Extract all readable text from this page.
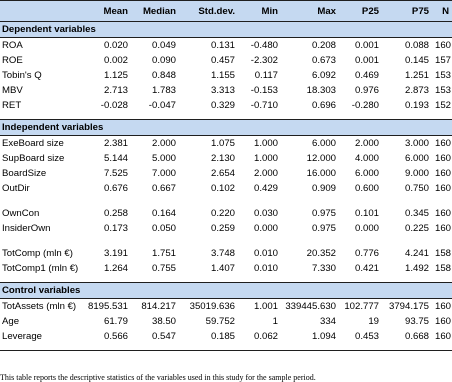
	Mean	Median	Std.dev.	Min	Max	P25	P75	N
Dependent variables								
ROA	0.020	0.049	0.131	-0.480	0.208	0.001	0.088	160
ROE	0.002	0.090	0.457	-2.302	0.673	0.001	0.145	157
Tobin's Q	1.125	0.848	1.155	0.117	6.092	0.469	1.251	153
MBV	2.713	1.783	3.313	-0.153	18.303	0.976	2.873	153
RET	-0.028	-0.047	0.329	-0.710	0.696	-0.280	0.193	152

Independent variables								
ExeBoard size	2.381	2.000	1.075	1.000	6.000	2.000	3.000	160
SupBoard size	5.144	5.000	2.130	1.000	12.000	4.000	6.000	160
BoardSize	7.525	7.000	2.654	2.000	16.000	6.000	9.000	160
OutDir	0.676	0.667	0.102	0.429	0.909	0.600	0.750	160

OwnCon	0.258	0.164	0.220	0.030	0.975	0.101	0.345	160
InsiderOwn	0.173	0.050	0.259	0.000	0.975	0.000	0.225	160

TotComp (mln €)	3.191	1.751	3.748	0.010	20.352	0.776	4.241	158
TotComp1 (mln €)	1.264	0.755	1.407	0.010	7.330	0.421	1.492	158

Control variables								
TotAssets (mln €)	8195.531	814.217	35019.636	1.001	339445.630	102.777	3794.175	160
Age	61.79	38.50	59.752	1	334	19	93.75	160
Leverage	0.566	0.547	0.185	0.062	1.094	0.453	0.668	160

This table reports the descriptive statistics of the variables used in this study for the sample period.
